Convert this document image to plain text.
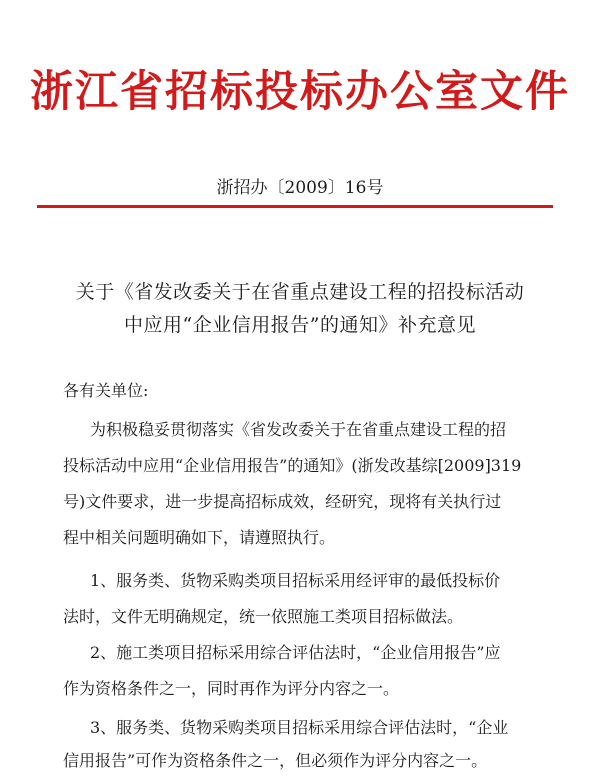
浙江省招标投标办公室文件
浙招办〔2009〕16号
关于《省发改委关于在省重点建设工程的招投标活动
中应用“企业信用报告”的通知》补充意见
各有关单位:
为积极稳妥贯彻落实《省发改委关于在省重点建设工程的招
投标活动中应用“企业信用报告”的通知》(浙发改基综[2009]319
号)文件要求，进一步提高招标成效，经研究，现将有关执行过
程中相关问题明确如下，请遵照执行。
1、服务类、货物采购类项目招标采用经评审的最低投标价
法时，文件无明确规定，统一依照施工类项目招标做法。
2、施工类项目招标采用综合评估法时，“企业信用报告”应
作为资格条件之一，同时再作为评分内容之一。
3、服务类、货物采购类项目招标采用综合评估法时，“企业
信用报告”可作为资格条件之一，但必须作为评分内容之一。
